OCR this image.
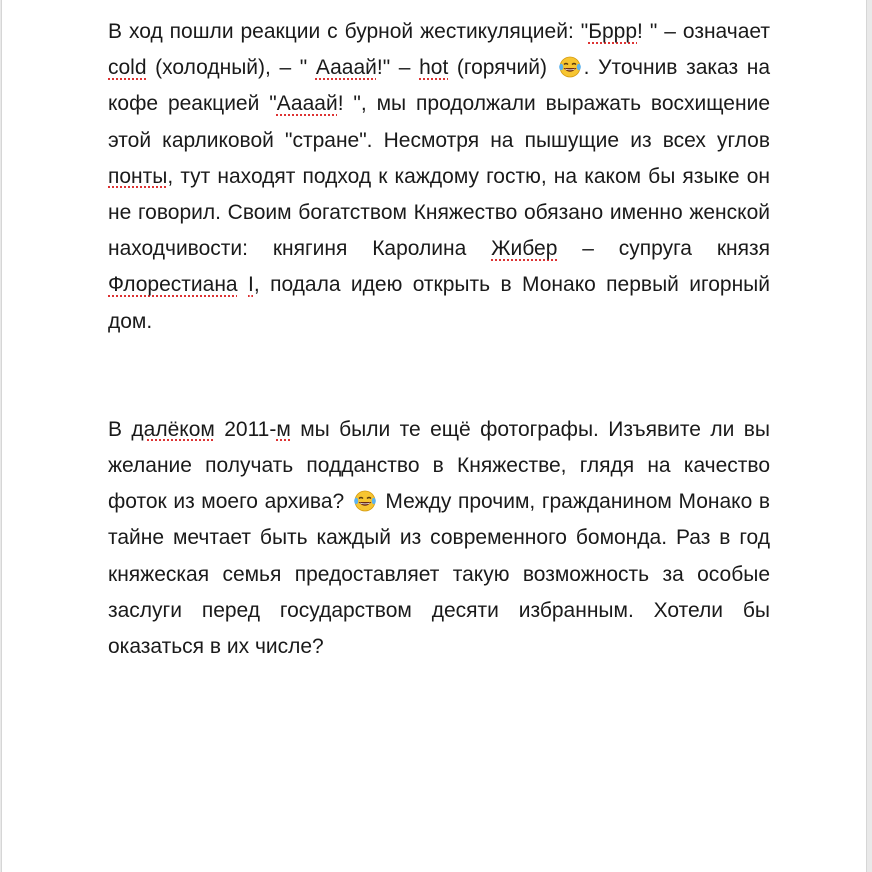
В ход пошли реакции с бурной жестикуляцией: "Бррр! " – означает cold (холодный), – " Аааай!" – hot (горячий) . Уточнив заказ на кофе реакцией "Аааай! ", мы продолжали выражать восхищение этой карликовой "стране". Несмотря на пышущие из всех углов понты, тут находят подход к каждому гостю, на каком бы языке он не говорил. Своим богатством Княжество обязано именно женской находчивости: княгиня Каролина Жибер – супруга князя Флорестиана I, подала идею открыть в Монако первый игорный дом.

В далёком 2011-м мы были те ещё фотографы. Изъявите ли вы желание получать подданство в Княжестве, глядя на качество фоток из моего архива?  Между прочим, гражданином Монако в тайне мечтает быть каждый из современного бомонда. Раз в год княжеская семья предоставляет такую возможность за особые заслуги перед государством десяти избранным. Хотели бы оказаться в их числе?
